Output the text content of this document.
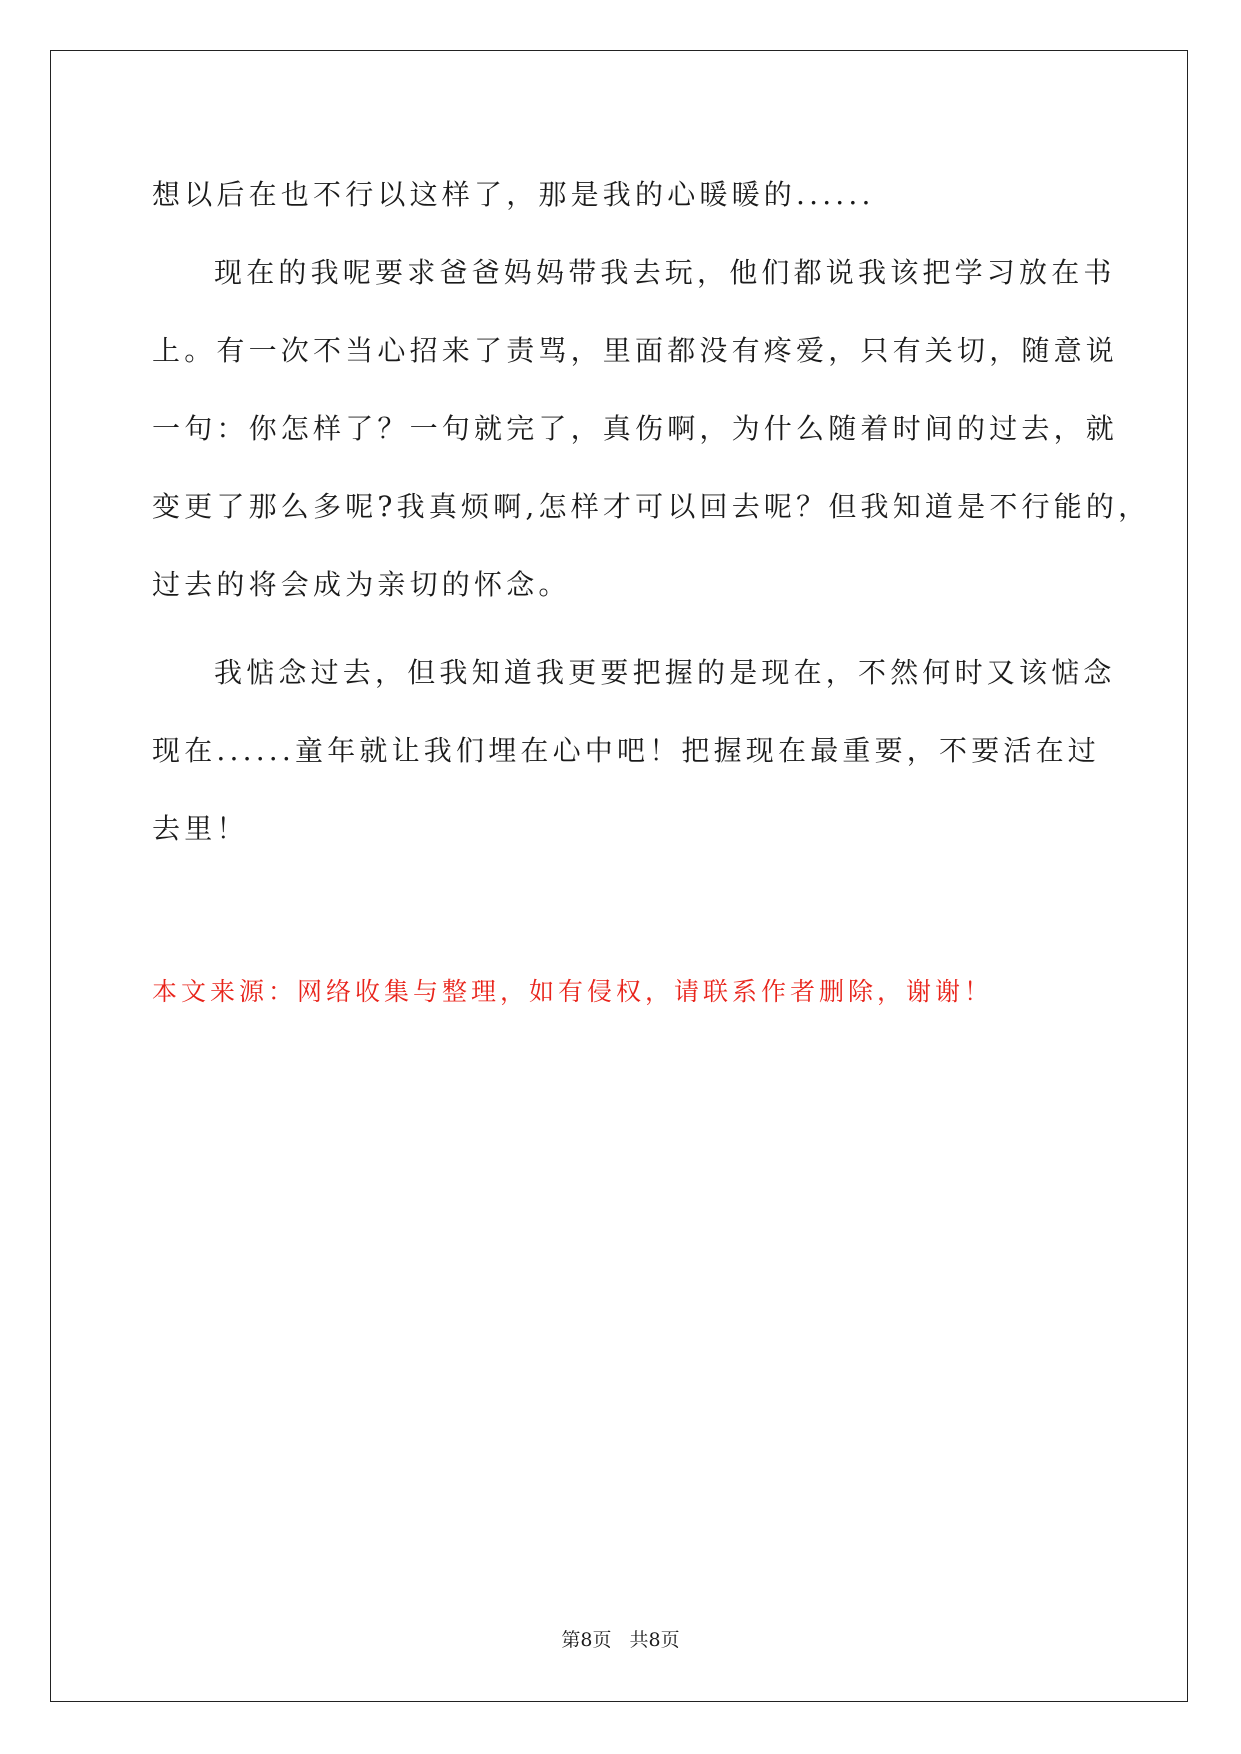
想以后在也不行以这样了，那是我的心暖暖的......
现在的我呢要求爸爸妈妈带我去玩，他们都说我该把学习放在书
上。有一次不当心招来了责骂，里面都没有疼爱，只有关切，随意说
一句：你怎样了？一句就完了，真伤啊，为什么随着时间的过去，就
变更了那么多呢?我真烦啊,怎样才可以回去呢？但我知道是不行能的，
过去的将会成为亲切的怀念。
我惦念过去，但我知道我更要把握的是现在，不然何时又该惦念
现在......童年就让我们埋在心中吧！把握现在最重要，不要活在过
去里！
本文来源：网络收集与整理，如有侵权，请联系作者删除，谢谢！
第8页 共8页
